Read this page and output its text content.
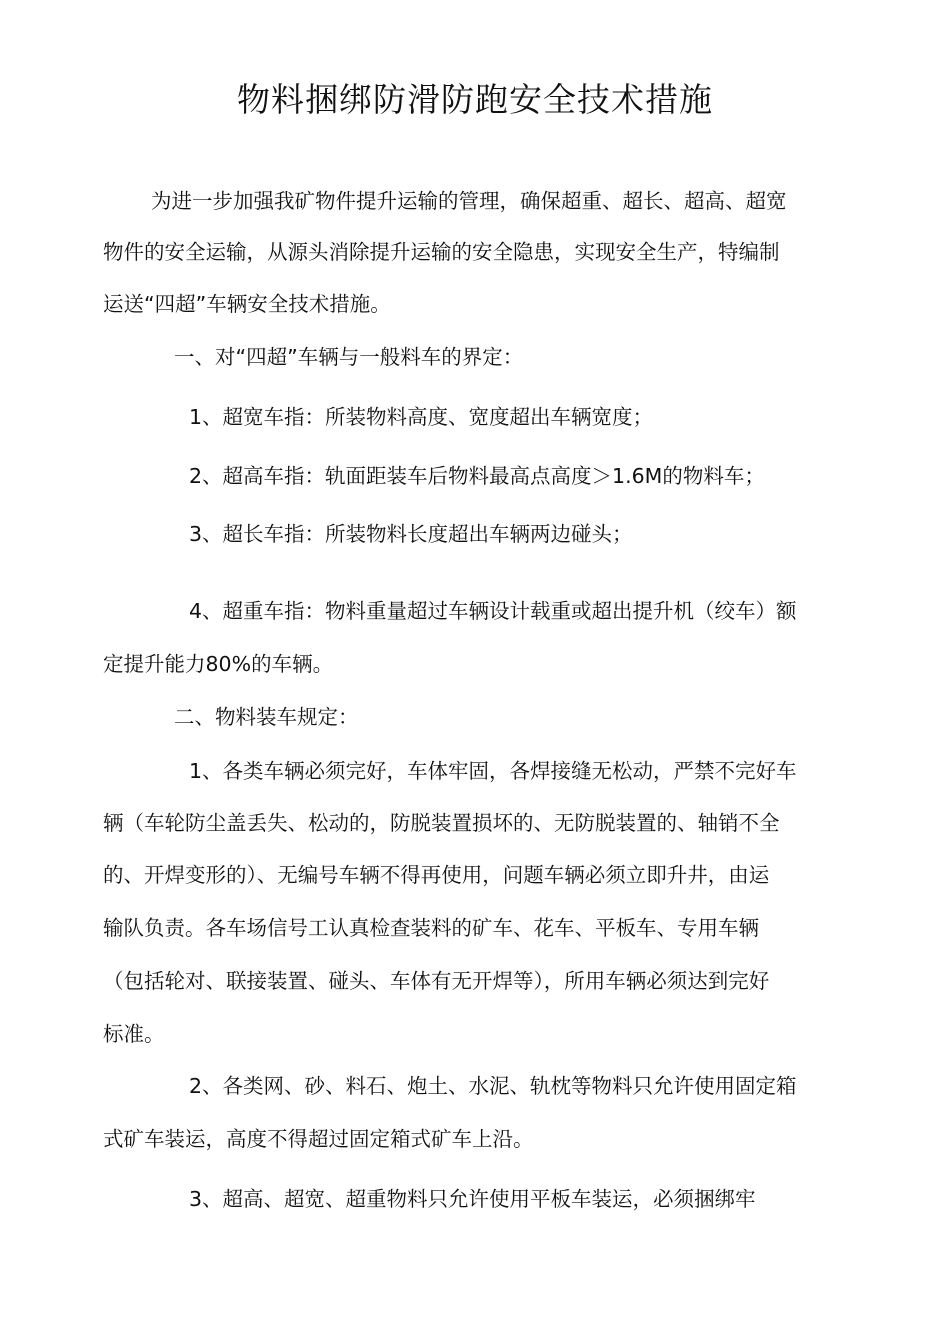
物料捆绑防滑防跑安全技术措施

为进一步加强我矿物件提升运输的管理，确保超重、超长、超高、超宽

物件的安全运输，从源头消除提升运输的安全隐患，实现安全生产，特编制

运送“四超”车辆安全技术措施。

一、对“四超”车辆与一般料车的界定：

1、超宽车指：所装物料高度、宽度超出车辆宽度；

2、超高车指：轨面距装车后物料最高点高度＞1.6M的物料车；

3、超长车指：所装物料长度超出车辆两边碰头；

4、超重车指：物料重量超过车辆设计载重或超出提升机（绞车）额

定提升能力80%的车辆。

二、物料装车规定：

1、各类车辆必须完好，车体牢固，各焊接缝无松动，严禁不完好车

辆（车轮防尘盖丢失、松动的，防脱装置损坏的、无防脱装置的、轴销不全

的、开焊变形的）、无编号车辆不得再使用，问题车辆必须立即升井，由运

输队负责。各车场信号工认真检查装料的矿车、花车、平板车、专用车辆

（包括轮对、联接装置、碰头、车体有无开焊等），所用车辆必须达到完好

标准。

2、各类网、砂、料石、炮土、水泥、轨枕等物料只允许使用固定箱

式矿车装运，高度不得超过固定箱式矿车上沿。

3、超高、超宽、超重物料只允许使用平板车装运，必须捆绑牢
